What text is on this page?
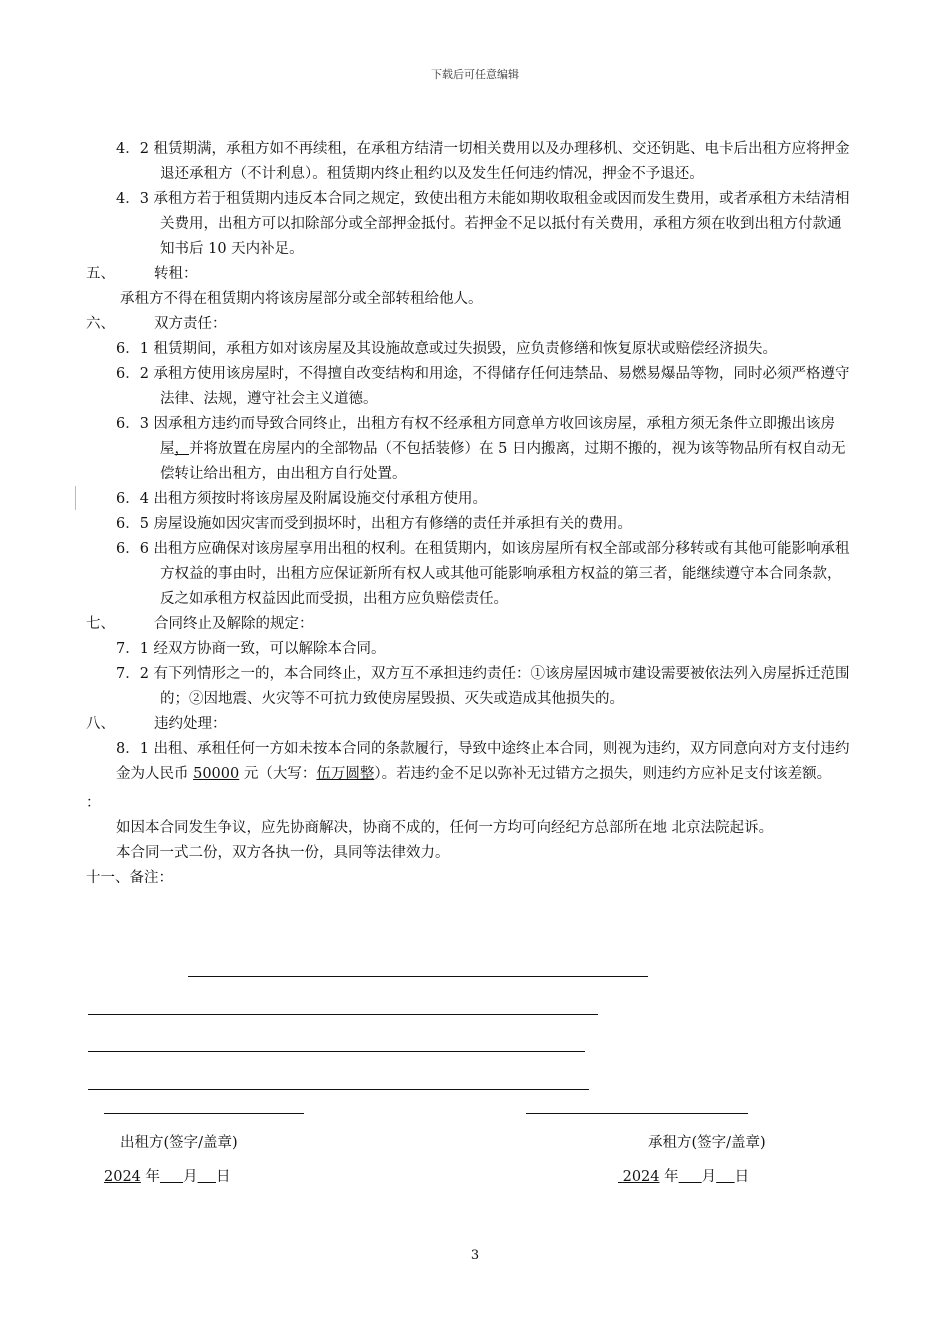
下载后可任意编辑
4．2 租赁期满，承租方如不再续租，在承租方结清一切相关费用以及办理移机、交还钥匙、电卡后出租方应将押金退还承租方（不计利息）。租赁期内终止租约以及发生任何违约情况，押金不予退还。
4．3 承租方若于租赁期内违反本合同之规定，致使出租方未能如期收取租金或因而发生费用，或者承租方未结清相关费用，出租方可以扣除部分或全部押金抵付。若押金不足以抵付有关费用，承租方须在收到出租方付款通知书后 10 天内补足。
五、	转租：
承租方不得在租赁期内将该房屋部分或全部转租给他人。
六、	双方责任：
6．1 租赁期间，承租方如对该房屋及其设施故意或过失损毁，应负责修缮和恢复原状或赔偿经济损失。
6．2 承租方使用该房屋时，不得擅自改变结构和用途，不得储存任何违禁品、易燃易爆品等物，同时必须严格遵守法律、法规，遵守社会主义道德。
6．3 因承租方违约而导致合同终止，出租方有权不经承租方同意单方收回该房屋，承租方须无条件立即搬出该房屋，并将放置在房屋内的全部物品（不包括装修）在 5 日内搬离，过期不搬的，视为该等物品所有权自动无偿转让给出租方，由出租方自行处置。
6．4 出租方须按时将该房屋及附属设施交付承租方使用。
6．5 房屋设施如因灾害而受到损坏时，出租方有修缮的责任并承担有关的费用。
6．6 出租方应确保对该房屋享用出租的权利。在租赁期内，如该房屋所有权全部或部分移转或有其他可能影响承租方权益的事由时，出租方应保证新所有权人或其他可能影响承租方权益的第三者，能继续遵守本合同条款，反之如承租方权益因此而受损，出租方应负赔偿责任。
七、	合同终止及解除的规定：
7．1 经双方协商一致，可以解除本合同。
7．2 有下列情形之一的，本合同终止，双方互不承担违约责任：①该房屋因城市建设需要被依法列入房屋拆迁范围的；②因地震、火灾等不可抗力致使房屋毁损、灭失或造成其他损失的。
八、	违约处理：
8．1 出租、承租任何一方如未按本合同的条款履行，导致中途终止本合同，则视为违约，双方同意向对方支付违约金为人民币 50000 元（大写：伍万圆整）。若违约金不足以弥补无过错方之损失，则违约方应补足支付该差额。
：
如因本合同发生争议，应先协商解决，协商不成的，任何一方均可向经纪方总部所在地 北京法院起诉。
本合同一式二份，双方各执一份，具同等法律效力。
十一、备注：
出租方(签字/盖章)	承租方(签字/盖章)
2024 年 月 日	2024 年 月 日
3
